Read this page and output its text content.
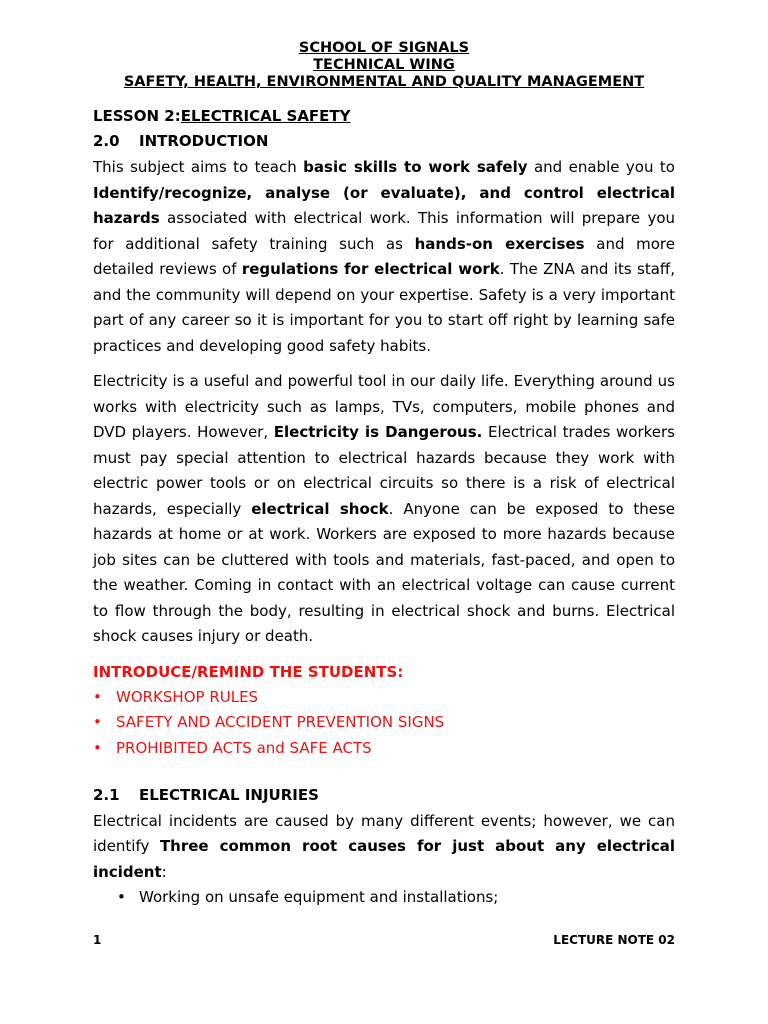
SCHOOL OF SIGNALS
TECHNICAL WING
SAFETY, HEALTH, ENVIRONMENTAL AND QUALITY MANAGEMENT
LESSON 2:ELECTRICAL SAFETY
2.0 INTRODUCTION

This subject aims to teach basic skills to work safely and enable you to Identify/recognize, analyse (or evaluate), and control electrical hazards associated with electrical work. This information will prepare you for additional safety training such as hands-on exercises and more detailed reviews of regulations for electrical work. The ZNA and its staff, and the community will depend on your expertise. Safety is a very important part of any career so it is important for you to start off right by learning safe practices and developing good safety habits.

Electricity is a useful and powerful tool in our daily life. Everything around us works with electricity such as lamps, TVs, computers, mobile phones and DVD players. However, Electricity is Dangerous. Electrical trades workers must pay special attention to electrical hazards because they work with electric power tools or on electrical circuits so there is a risk of electrical hazards, especially electrical shock. Anyone can be exposed to these hazards at home or at work. Workers are exposed to more hazards because job sites can be cluttered with tools and materials, fast-paced, and open to the weather. Coming in contact with an electrical voltage can cause current to flow through the body, resulting in electrical shock and burns. Electrical shock causes injury or death.

INTRODUCE/REMIND THE STUDENTS:
• WORKSHOP RULES
• SAFETY AND ACCIDENT PREVENTION SIGNS
• PROHIBITED ACTS and SAFE ACTS
2.1 ELECTRICAL INJURIES

Electrical incidents are caused by many different events; however, we can identify Three common root causes for just about any electrical incident:

• Working on unsafe equipment and installations;
1	LECTURE NOTE 02
